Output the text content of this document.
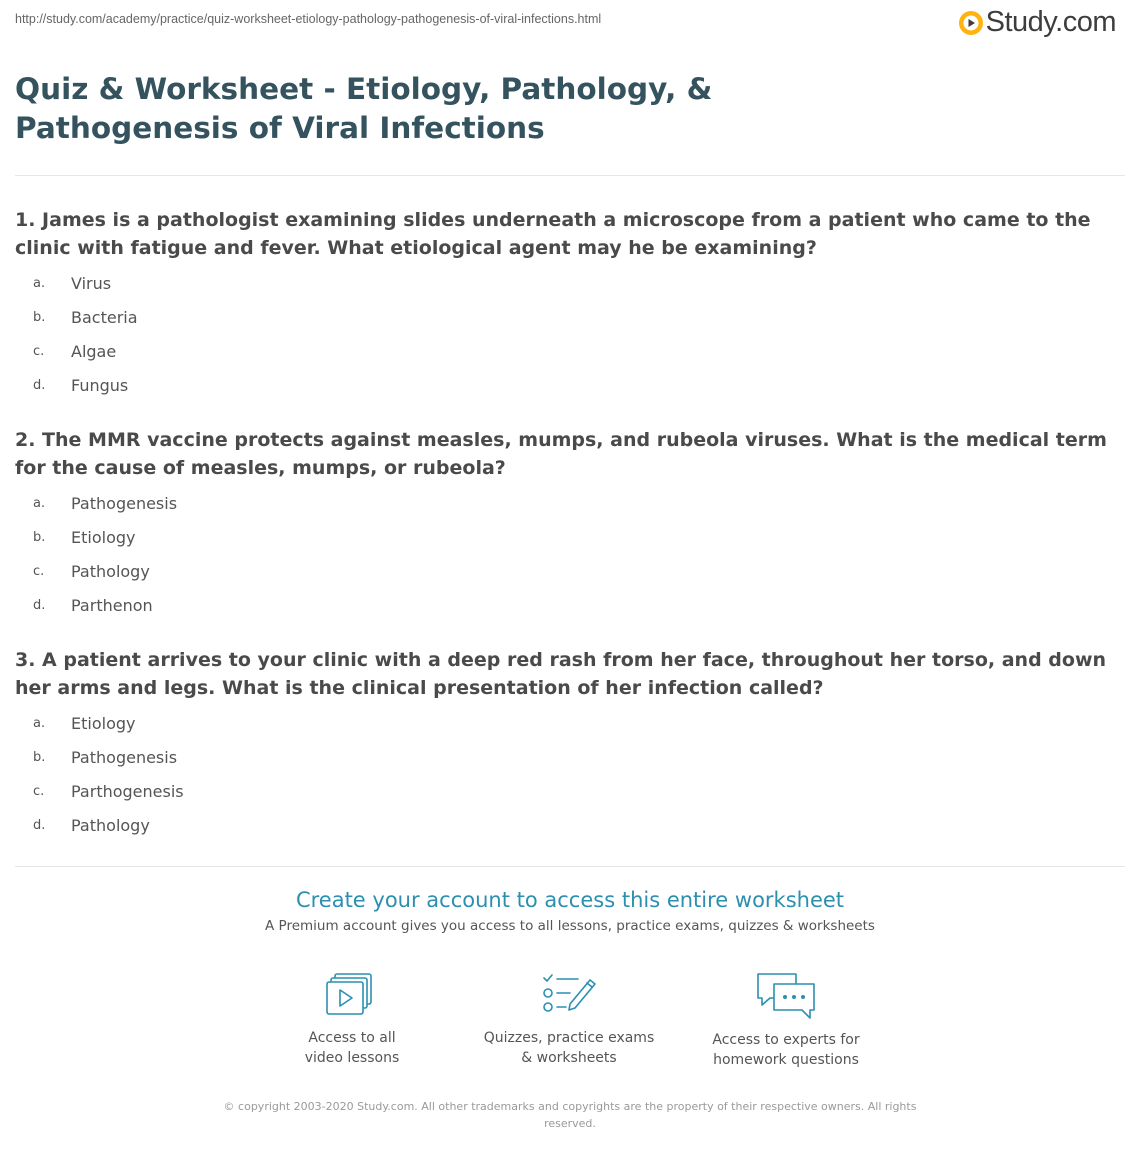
http://study.com/academy/practice/quiz-worksheet-etiology-pathology-pathogenesis-of-viral-infections.html	Study.com
Quiz & Worksheet - Etiology, Pathology, & Pathogenesis of Viral Infections

1. James is a pathologist examining slides underneath a microscope from a patient who came to the clinic with fatigue and fever. What etiological agent may he be examining?

a.	Virus
b.	Bacteria
c.	Algae
d.	Fungus

2. The MMR vaccine protects against measles, mumps, and rubeola viruses. What is the medical term for the cause of measles, mumps, or rubeola?

a.	Pathogenesis
b.	Etiology
c.	Pathology
d.	Parthenon

3. A patient arrives to your clinic with a deep red rash from her face, throughout her torso, and down her arms and legs. What is the clinical presentation of her infection called?

a.	Etiology
b.	Pathogenesis
c.	Parthogenesis
d.	Pathology
Create your account to access this entire worksheet
A Premium account gives you access to all lessons, practice exams, quizzes & worksheets
Access to all
video lessons
Quizzes, practice exams
& worksheets
Access to experts for
homework questions
© copyright 2003-2020 Study.com. All other trademarks and copyrights are the property of their respective owners. All rights reserved.
